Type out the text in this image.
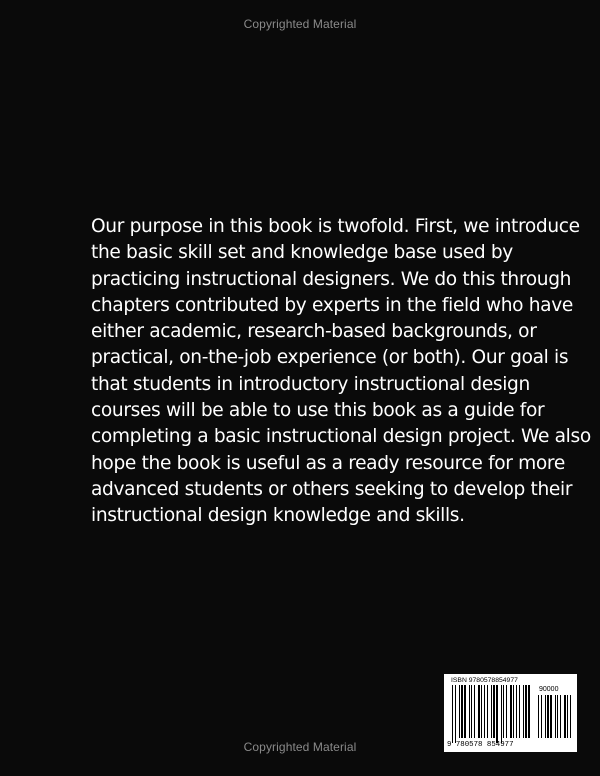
Copyrighted Material

Our purpose in this book is twofold. First, we introduce the basic skill set and knowledge base used by practicing instructional designers. We do this through chapters contributed by experts in the field who have either academic, research-based backgrounds, or practical, on-the-job experience (or both). Our goal is that students in introductory instructional design courses will be able to use this book as a guide for completing a basic instructional design project. We also hope the book is useful as a ready resource for more advanced students or others seeking to develop their instructional design knowledge and skills.

ISBN 9780578854977
90000
9 780578 854977
Copyrighted Material
